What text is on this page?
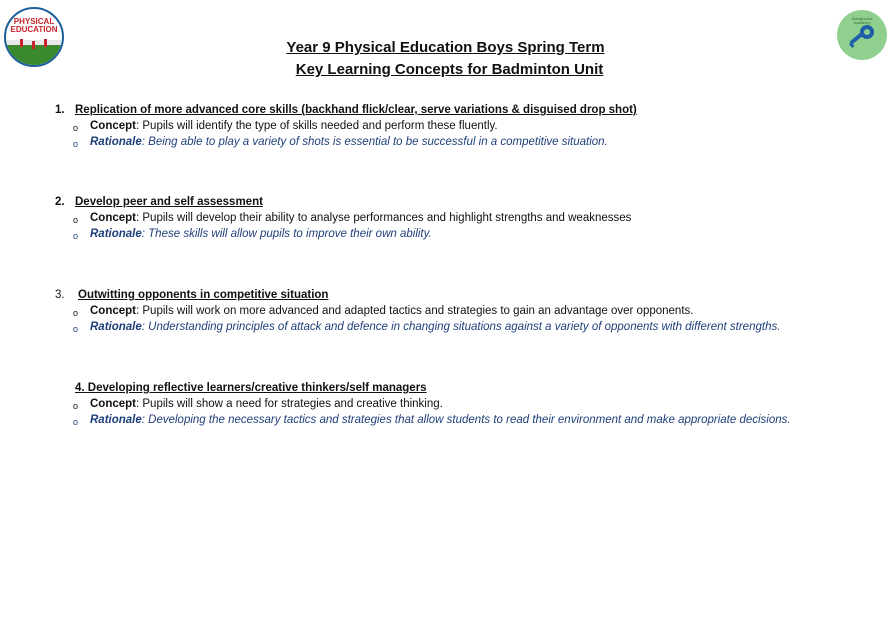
PHYSICAL
EDUCATION
Stanground Academy
Year 9 Physical Education Boys Spring Term
Key Learning Concepts for Badminton Unit
1. Replication of more advanced core skills (backhand flick/clear, serve variations & disguised drop shot)
o Concept: Pupils will identify the type of skills needed and perform these fluently.
o Rationale: Being able to play a variety of shots is essential to be successful in a competitive situation.
2. Develop peer and self assessment
o Concept: Pupils will develop their ability to analyse performances and highlight strengths and weaknesses
o Rationale: These skills will allow pupils to improve their own ability.
3. Outwitting opponents in competitive situation
o Concept: Pupils will work on more advanced and adapted tactics and strategies to gain an advantage over opponents.
o Rationale: Understanding principles of attack and defence in changing situations against a variety of opponents with different strengths.
4. Developing reflective learners/creative thinkers/self managers
o Concept: Pupils will show a need for strategies and creative thinking.
o Rationale: Developing the necessary tactics and strategies that allow students to read their environment and make appropriate decisions.
